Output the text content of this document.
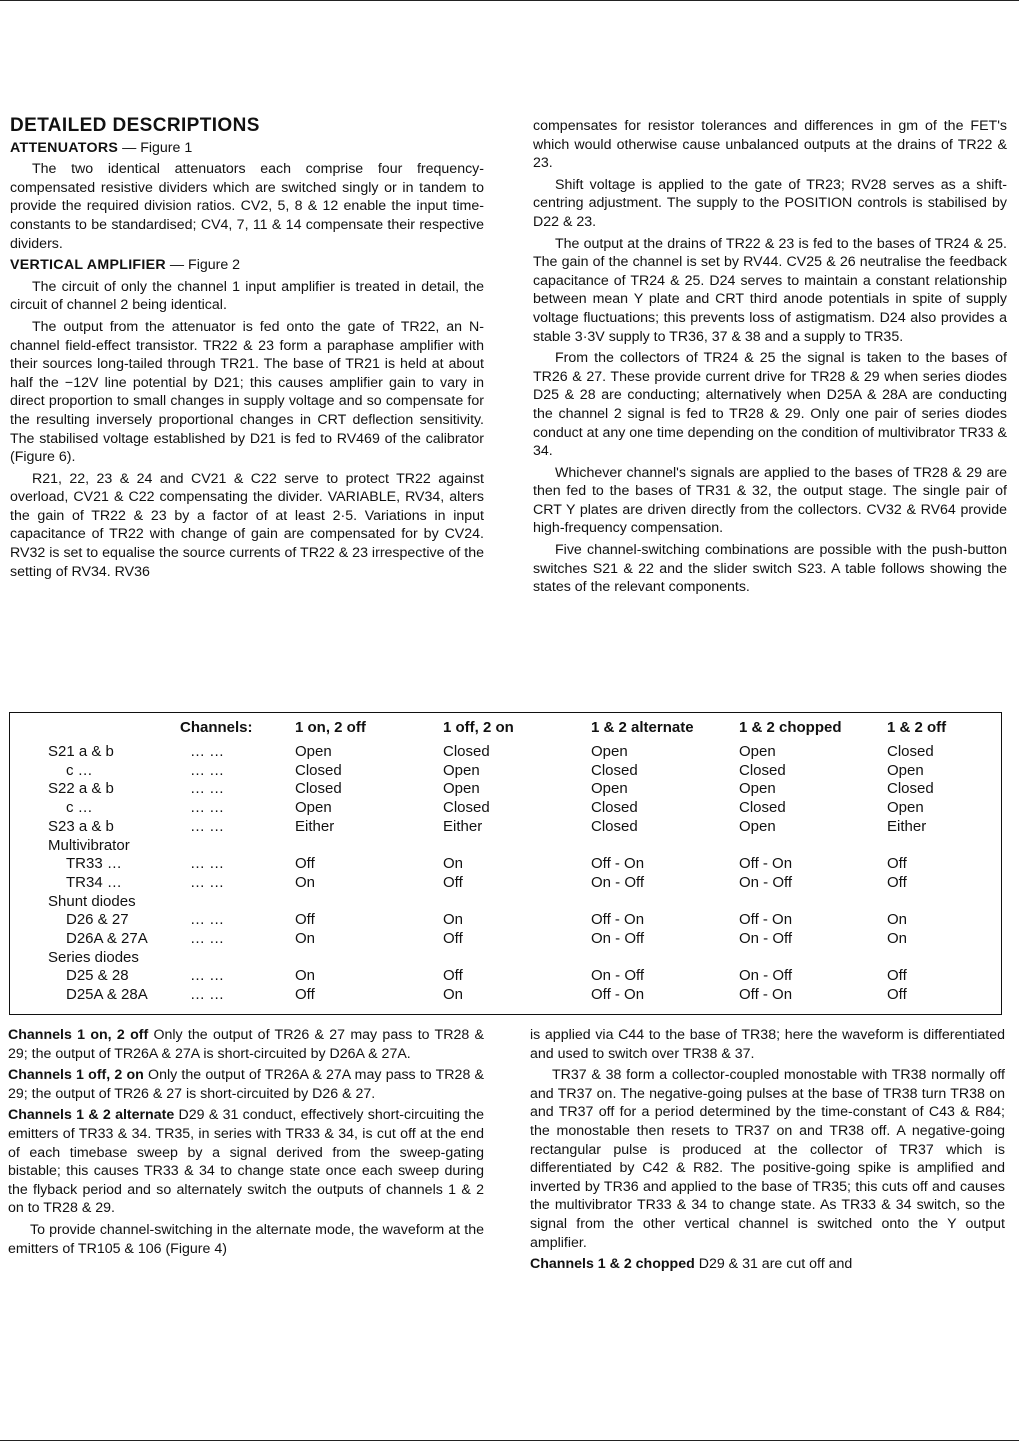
DETAILED DESCRIPTIONS

ATTENUATORS — Figure 1

The two identical attenuators each comprise four frequency-compensated resistive dividers which are switched singly or in tandem to provide the required division ratios. CV2, 5, 8 & 12 enable the input time-constants to be standardised; CV4, 7, 11 & 14 compensate their respective dividers.

VERTICAL AMPLIFIER — Figure 2

The circuit of only the channel 1 input amplifier is treated in detail, the circuit of channel 2 being identical.

The output from the attenuator is fed onto the gate of TR22, an N-channel field-effect transistor. TR22 & 23 form a paraphase amplifier with their sources long-tailed through TR21. The base of TR21 is held at about half the −12V line potential by D21; this causes amplifier gain to vary in direct proportion to small changes in supply voltage and so compensate for the resulting inversely proportional changes in CRT deflection sensitivity. The stabilised voltage established by D21 is fed to RV469 of the calibrator (Figure 6).

R21, 22, 23 & 24 and CV21 & C22 serve to protect TR22 against overload, CV21 & C22 compensating the divider. VARIABLE, RV34, alters the gain of TR22 & 23 by a factor of at least 2·5. Variations in input capacitance of TR22 with change of gain are compensated for by CV24. RV32 is set to equalise the source currents of TR22 & 23 irrespective of the setting of RV34. RV36

compensates for resistor tolerances and differences in gm of the FET's which would otherwise cause unbalanced outputs at the drains of TR22 & 23.

Shift voltage is applied to the gate of TR23; RV28 serves as a shift-centring adjustment. The supply to the POSITION controls is stabilised by D22 & 23.

The output at the drains of TR22 & 23 is fed to the bases of TR24 & 25. The gain of the channel is set by RV44. CV25 & 26 neutralise the feedback capacitance of TR24 & 25. D24 serves to maintain a constant relationship between mean Y plate and CRT third anode potentials in spite of supply voltage fluctuations; this prevents loss of astigmatism. D24 also provides a stable 3·3V supply to TR36, 37 & 38 and a supply to TR35.

From the collectors of TR24 & 25 the signal is taken to the bases of TR26 & 27. These provide current drive for TR28 & 29 when series diodes D25 & 28 are conducting; alternatively when D25A & 28A are conducting the channel 2 signal is fed to TR28 & 29. Only one pair of series diodes conduct at any one time depending on the condition of multivibrator TR33 & 34.

Whichever channel's signals are applied to the bases of TR28 & 29 are then fed to the bases of TR31 & 32, the output stage. The single pair of CRT Y plates are driven directly from the collectors. CV32 & RV64 provide high-frequency compensation.

Five channel-switching combinations are possible with the push-button switches S21 & 22 and the slider switch S23. A table follows showing the states of the relevant components.

	Channels:	1 on, 2 off	1 off, 2 on	1 & 2 alternate	1 & 2 chopped	1 & 2 off
S21 a & b	… …	Open	Closed	Open	Open	Closed
c …	… …	Closed	Open	Closed	Closed	Open
S22 a & b	… …	Closed	Open	Open	Open	Closed
c …	… …	Open	Closed	Closed	Closed	Open
S23 a & b	… …	Either	Either	Closed	Open	Either
Multivibrator						
TR33 …	… …	Off	On	Off - On	Off - On	Off
TR34 …	… …	On	Off	On - Off	On - Off	Off
Shunt diodes						
D26 & 27	… …	Off	On	Off - On	Off - On	On
D26A & 27A	… …	On	Off	On - Off	On - Off	On
Series diodes						
D25 & 28	… …	On	Off	On - Off	On - Off	Off
D25A & 28A	… …	Off	On	Off - On	Off - On	Off

Channels 1 on, 2 off Only the output of TR26 & 27 may pass to TR28 & 29; the output of TR26A & 27A is short-circuited by D26A & 27A.

Channels 1 off, 2 on Only the output of TR26A & 27A may pass to TR28 & 29; the output of TR26 & 27 is short-circuited by D26 & 27.

Channels 1 & 2 alternate D29 & 31 conduct, effectively short-circuiting the emitters of TR33 & 34. TR35, in series with TR33 & 34, is cut off at the end of each timebase sweep by a signal derived from the sweep-gating bistable; this causes TR33 & 34 to change state once each sweep during the flyback period and so alternately switch the outputs of channels 1 & 2 on to TR28 & 29.

To provide channel-switching in the alternate mode, the waveform at the emitters of TR105 & 106 (Figure 4)

is applied via C44 to the base of TR38; here the waveform is differentiated and used to switch over TR38 & 37.

TR37 & 38 form a collector-coupled monostable with TR38 normally off and TR37 on. The negative-going pulses at the base of TR38 turn TR38 on and TR37 off for a period determined by the time-constant of C43 & R84; the monostable then resets to TR37 on and TR38 off. A negative-going rectangular pulse is produced at the collector of TR37 which is differentiated by C42 & R82. The positive-going spike is amplified and inverted by TR36 and applied to the base of TR35; this cuts off and causes the multivibrator TR33 & 34 to change state. As TR33 & 34 switch, so the signal from the other vertical channel is switched onto the Y output amplifier.

Channels 1 & 2 chopped D29 & 31 are cut off and
